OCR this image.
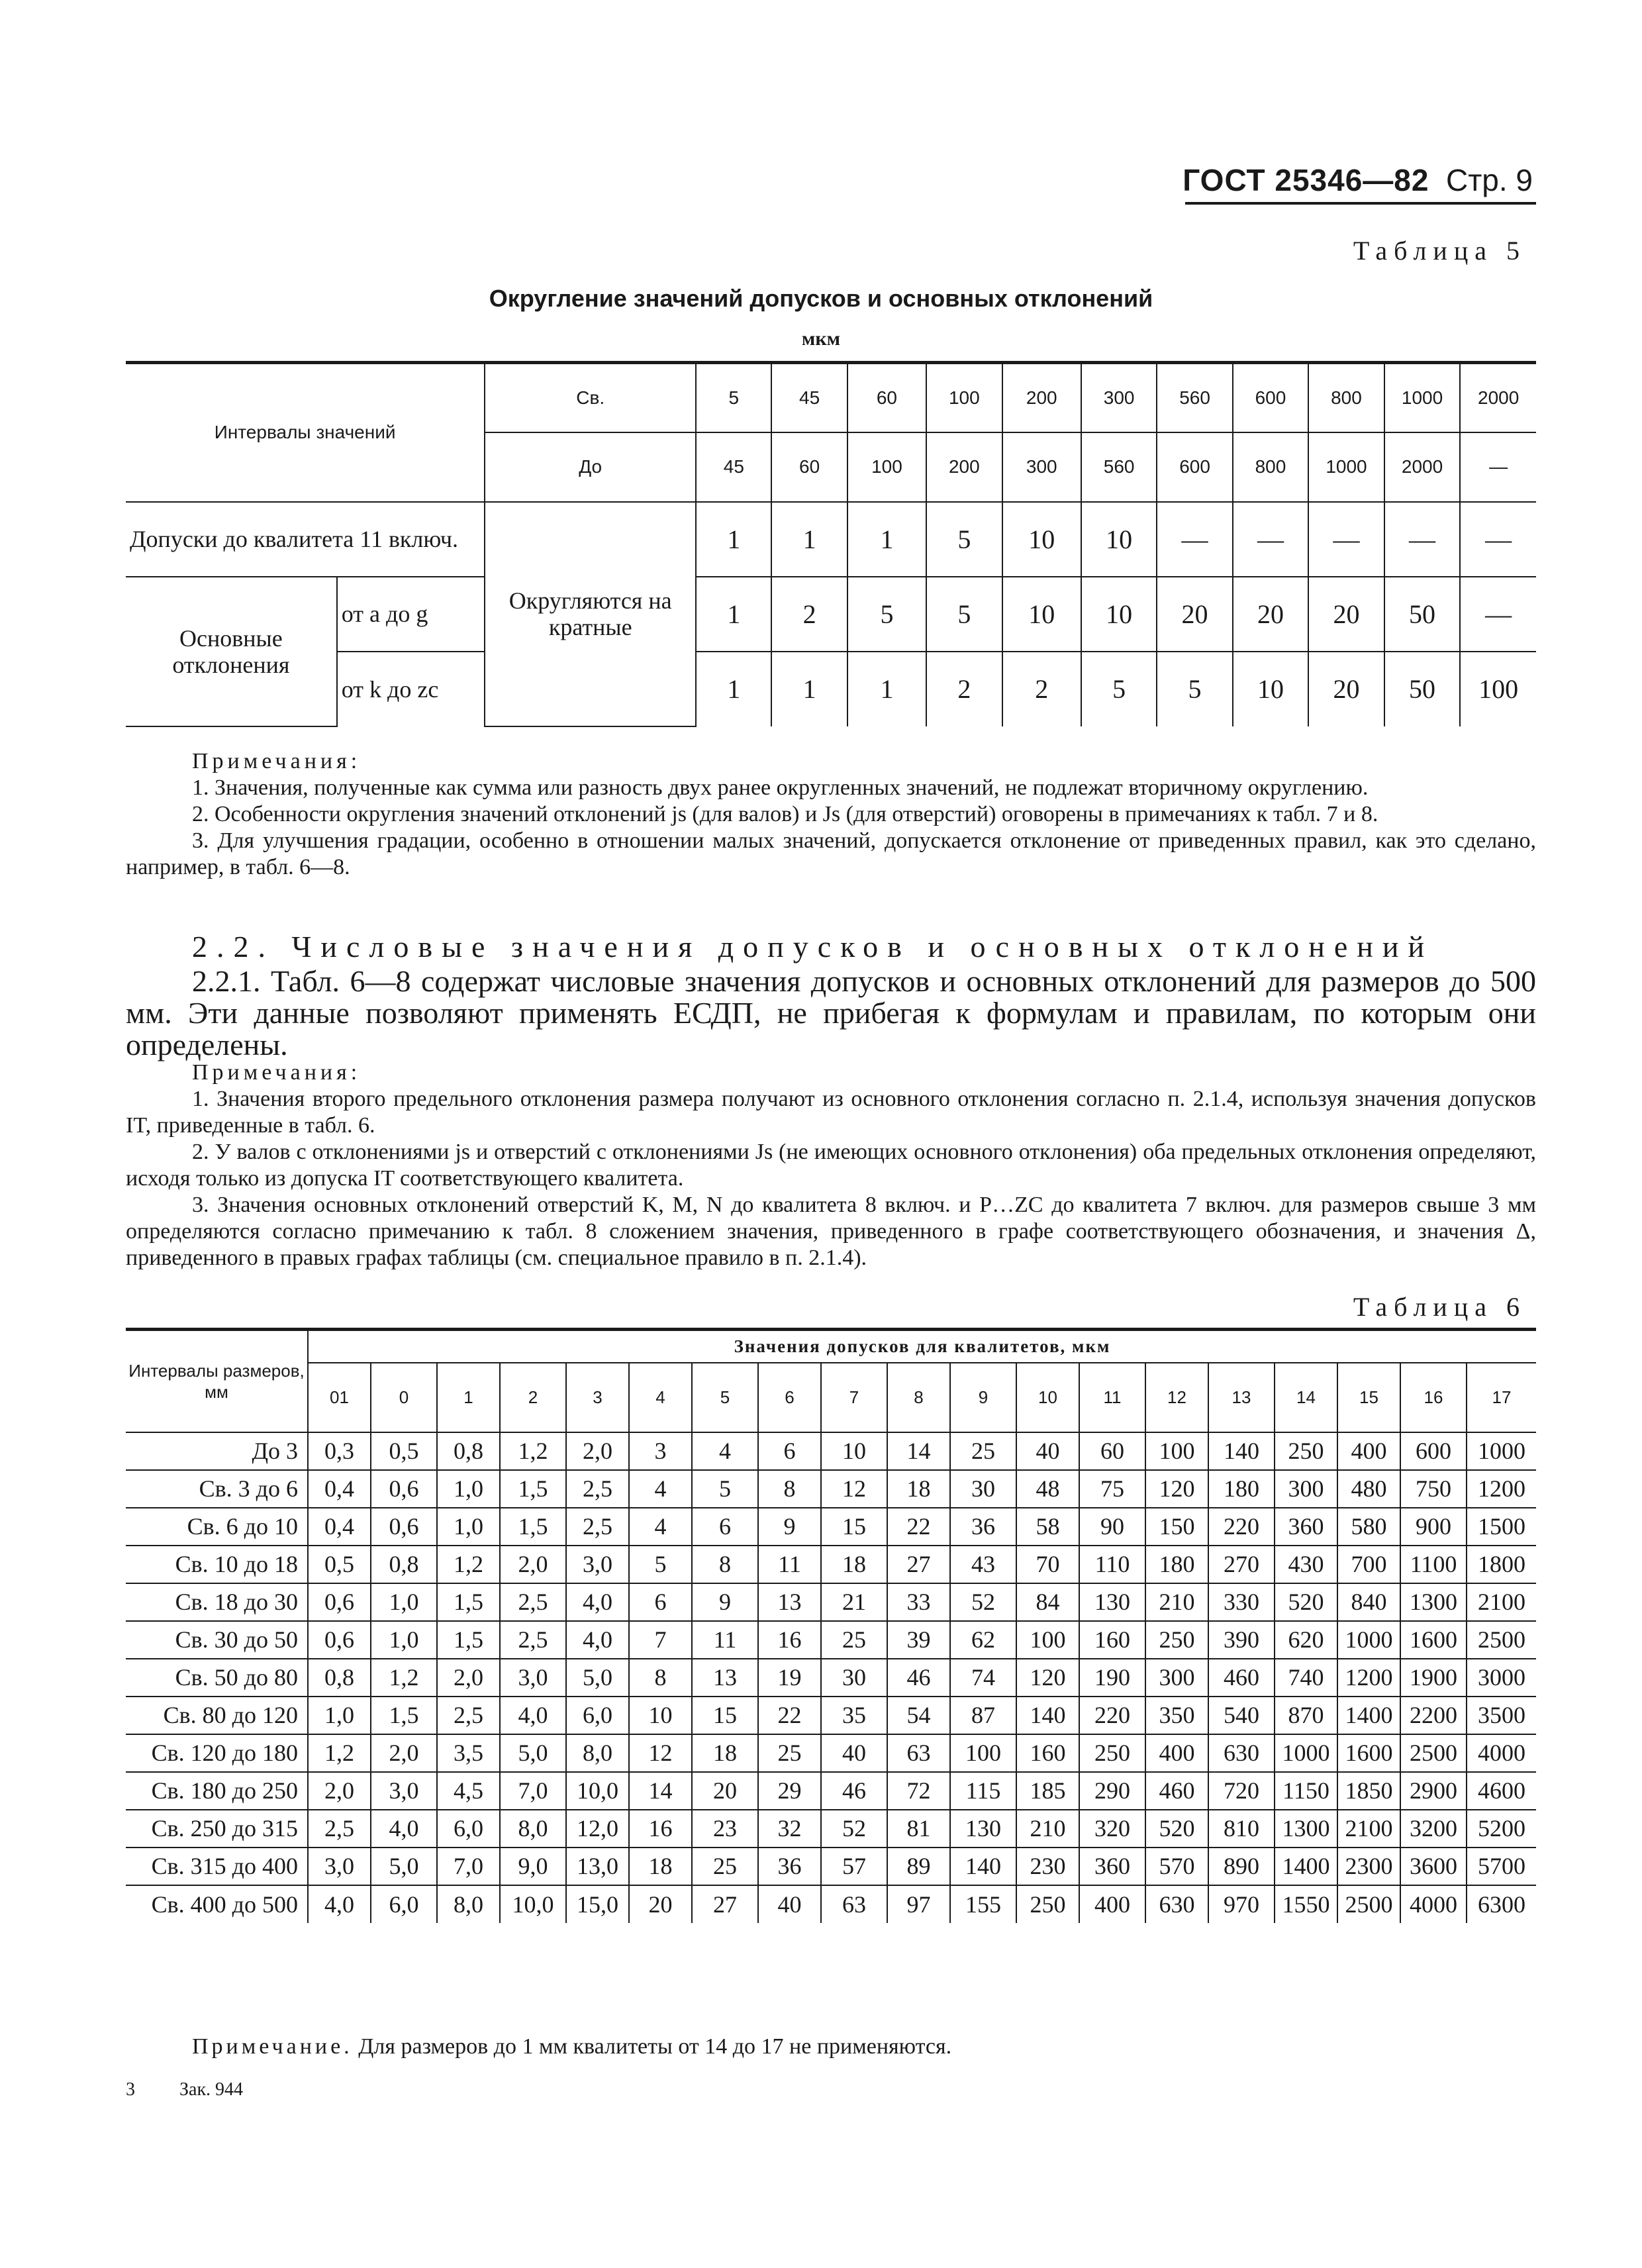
ГОСТ 25346—82 Стр. 9
Таблица 5
Округление значений допусков и основных отклонений
мкм
Интервалы значений		Св.	5	45	60	100	200	300	560	600	800	1000	2000
		До	45	60	100	200	300	560	600	800	1000	2000	—
Допуски до квалитета 11 включ.		Округляются на кратные	1	1	1	5	10	10	—	—	—	—	—
Основные отклонения	от a до g		1	2	5	5	10	10	20	20	20	50	—
	от k до zc		1	1	1	2	2	5	5	10	20	50	100
Примечания:

1. Значения, полученные как сумма или разность двух ранее округленных значений, не подлежат вторичному округлению.

2. Особенности округления значений отклонений js (для валов) и Js (для отверстий) оговорены в примечаниях к табл. 7 и 8.

3. Для улучшения градации, особенно в отношении малых значений, допускается отклонение от приведенных правил, как это сделано, например, в табл. 6—8.

2.2. Числовые значения допусков и основных отклонений

2.2.1. Табл. 6—8 содержат числовые значения допусков и основных отклонений для размеров до 500 мм. Эти данные позволяют применять ЕСДП, не прибегая к формулам и правилам, по которым они определены.

Примечания:

1. Значения второго предельного отклонения размера получают из основного отклонения согласно п. 2.1.4, используя значения допусков IT, приведенные в табл. 6.

2. У валов с отклонениями js и отверстий с отклонениями Js (не имеющих основного отклонения) оба предельных отклонения определяют, исходя только из допуска IT соответствующего квалитета.

3. Значения основных отклонений отверстий K, M, N до квалитета 8 включ. и P…ZC до квалитета 7 включ. для размеров свыше 3 мм определяются согласно примечанию к табл. 8 сложением значения, приведенного в графе соответствующего обозначения, и значения Δ, приведенного в правых графах таблицы (см. специальное правило в п. 2.1.4).

Таблица 6
Интервалы размеров, мм	Значения допусков для квалитетов, мкм																		
	01	0	1	2	3	4	5	6	7	8	9	10	11	12	13	14	15	16	17
До 3	0,3	0,5	0,8	1,2	2,0	3	4	6	10	14	25	40	60	100	140	250	400	600	1000
Св. 3 до 6	0,4	0,6	1,0	1,5	2,5	4	5	8	12	18	30	48	75	120	180	300	480	750	1200
Св. 6 до 10	0,4	0,6	1,0	1,5	2,5	4	6	9	15	22	36	58	90	150	220	360	580	900	1500
Св. 10 до 18	0,5	0,8	1,2	2,0	3,0	5	8	11	18	27	43	70	110	180	270	430	700	1100	1800
Св. 18 до 30	0,6	1,0	1,5	2,5	4,0	6	9	13	21	33	52	84	130	210	330	520	840	1300	2100
Св. 30 до 50	0,6	1,0	1,5	2,5	4,0	7	11	16	25	39	62	100	160	250	390	620	1000	1600	2500
Св. 50 до 80	0,8	1,2	2,0	3,0	5,0	8	13	19	30	46	74	120	190	300	460	740	1200	1900	3000
Св. 80 до 120	1,0	1,5	2,5	4,0	6,0	10	15	22	35	54	87	140	220	350	540	870	1400	2200	3500
Св. 120 до 180	1,2	2,0	3,5	5,0	8,0	12	18	25	40	63	100	160	250	400	630	1000	1600	2500	4000
Св. 180 до 250	2,0	3,0	4,5	7,0	10,0	14	20	29	46	72	115	185	290	460	720	1150	1850	2900	4600
Св. 250 до 315	2,5	4,0	6,0	8,0	12,0	16	23	32	52	81	130	210	320	520	810	1300	2100	3200	5200
Св. 315 до 400	3,0	5,0	7,0	9,0	13,0	18	25	36	57	89	140	230	360	570	890	1400	2300	3600	5700
Св. 400 до 500	4,0	6,0	8,0	10,0	15,0	20	27	40	63	97	155	250	400	630	970	1550	2500	4000	6300
Примечание. Для размеров до 1 мм квалитеты от 14 до 17 не применяются.
3 Зак. 944
